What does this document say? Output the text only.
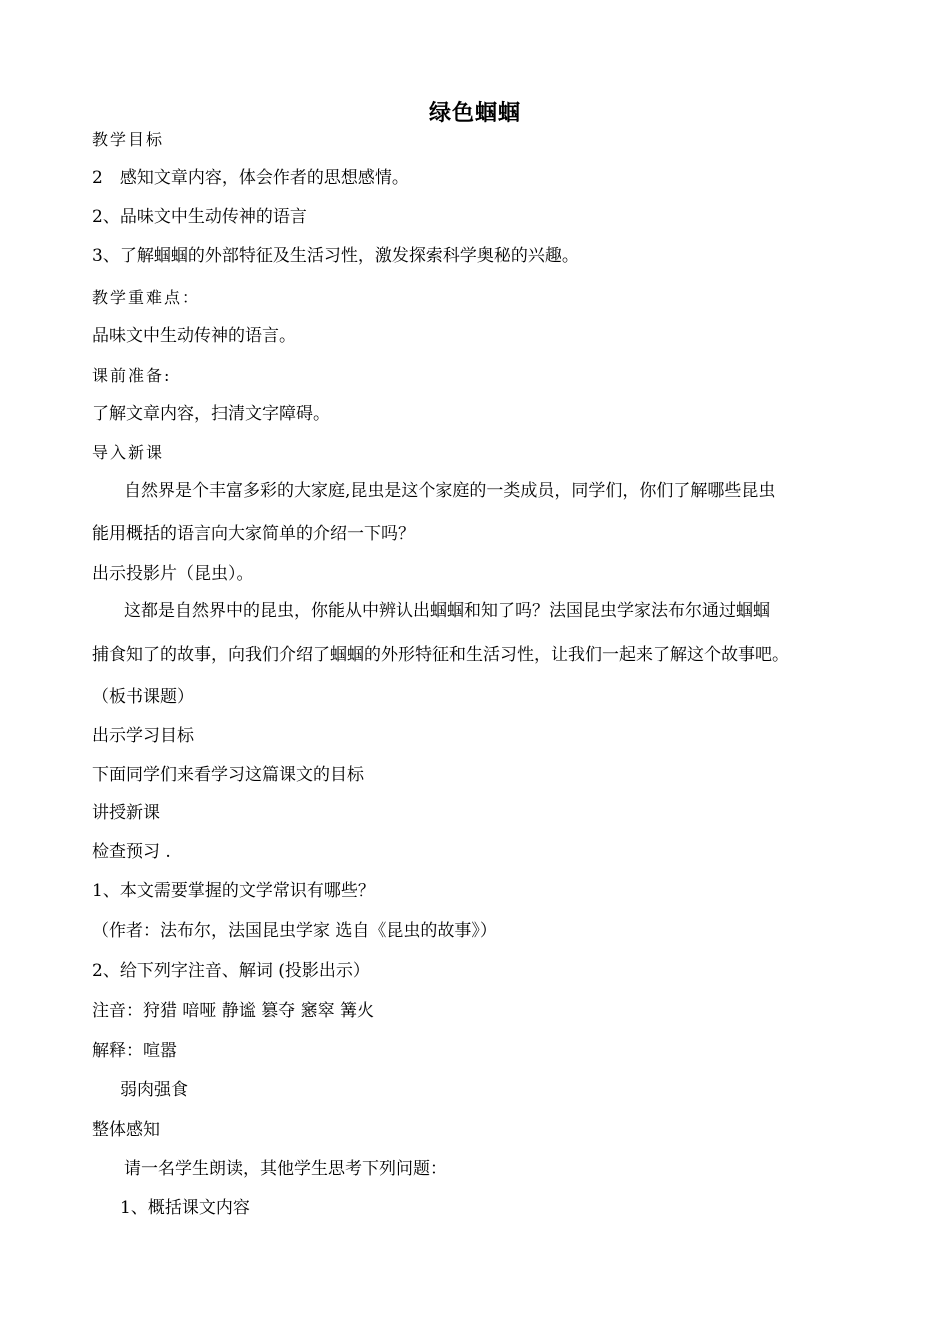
绿色蝈蝈
教学目标
2　感知文章内容，体会作者的思想感情。
2、品味文中生动传神的语言
3、了解蝈蝈的外部特征及生活习性，激发探索科学奥秘的兴趣。
教学重难点：
品味文中生动传神的语言。
课前准备:
了解文章内容，扫清文字障碍。
导入新课
自然界是个丰富多彩的大家庭,昆虫是这个家庭的一类成员，同学们，你们了解哪些昆虫
能用概括的语言向大家简单的介绍一下吗？
出示投影片（昆虫）。
这都是自然界中的昆虫，你能从中辨认出蝈蝈和知了吗？法国昆虫学家法布尔通过蝈蝈
捕食知了的故事，向我们介绍了蝈蝈的外形特征和生活习性，让我们一起来了解这个故事吧。
（板书课题）
出示学习目标
下面同学们来看学习这篇课文的目标
讲授新课
检查预习 .
1、本文需要掌握的文学常识有哪些？
（作者：法布尔，法国昆虫学家 选自《昆虫的故事》）
2、给下列字注音、解词 (投影出示）
注音：狩猎 喑哑 静谧 篡夺 窸窣 篝火
解释：喧嚣
弱肉强食
整体感知
请一名学生朗读，其他学生思考下列问题：
1、概括课文内容
